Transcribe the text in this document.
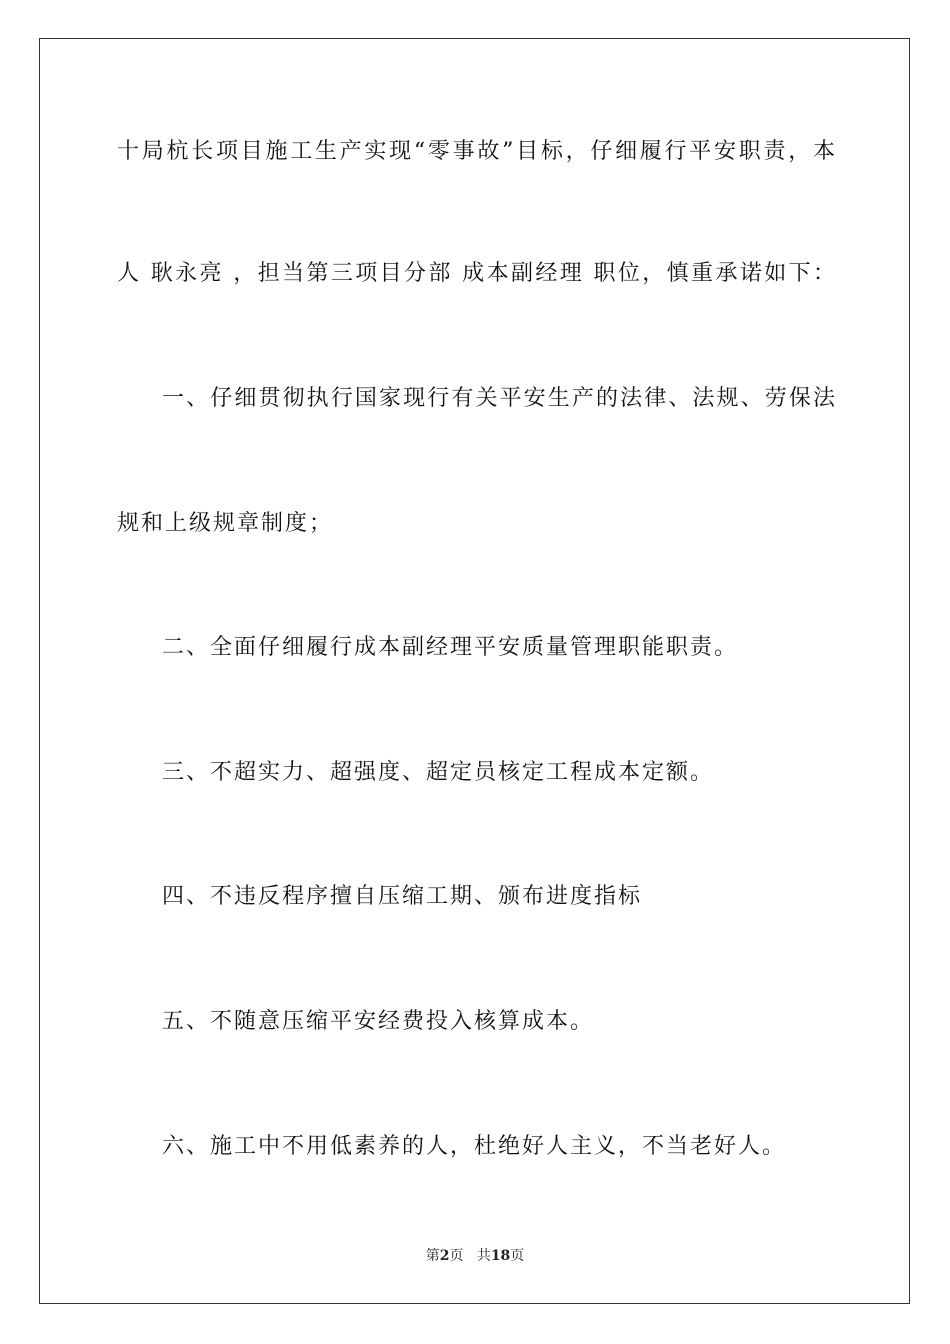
十局杭长项目施工生产实现“零事故”目标，仔细履行平安职责，本
人 耿永亮 ，担当第三项目分部 成本副经理 职位，慎重承诺如下：
一、仔细贯彻执行国家现行有关平安生产的法律、法规、劳保法
规和上级规章制度；
二、全面仔细履行成本副经理平安质量管理职能职责。
三、不超实力、超强度、超定员核定工程成本定额。
四、不违反程序擅自压缩工期、颁布进度指标
五、不随意压缩平安经费投入核算成本。
六、施工中不用低素养的人，杜绝好人主义，不当老好人。
第2页 共18页
